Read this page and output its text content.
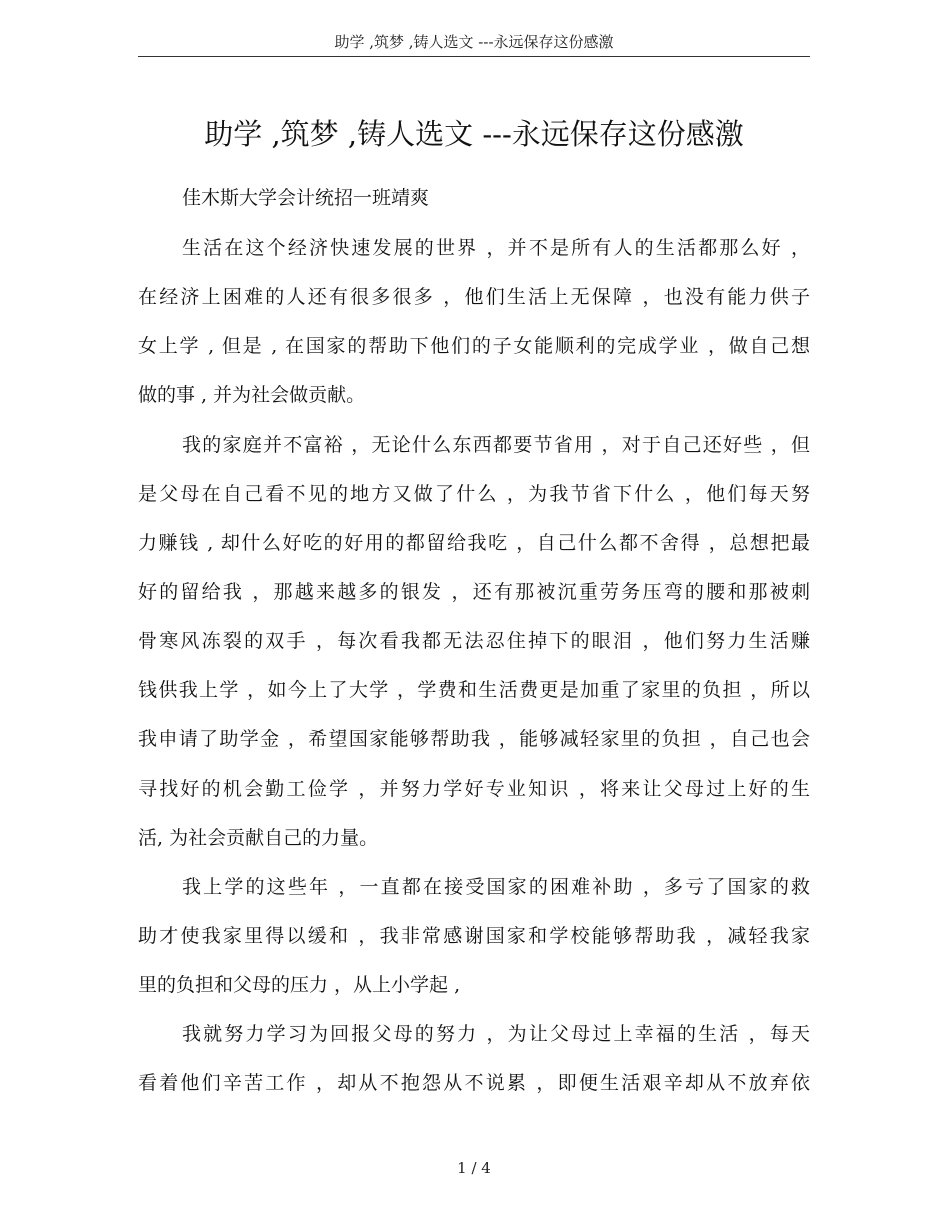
助学 ,筑梦 ,铸人选文 ---永远保存这份感激
助学 ,筑梦 ,铸人选文 ---永远保存这份感激
佳木斯大学会计统招一班靖爽
生活在这个经济快速发展的世界 ，并不是所有人的生活都那么好 ，
在经济上困难的人还有很多很多 ，他们生活上无保障 ，也没有能力供子
女上学 , 但是 , 在国家的帮助下他们的子女能顺利的完成学业 ，做自己想
做的事 , 并为社会做贡献。
我的家庭并不富裕 ，无论什么东西都要节省用 ，对于自己还好些 ，但
是父母在自己看不见的地方又做了什么 ，为我节省下什么 ，他们每天努
力赚钱 , 却什么好吃的好用的都留给我吃 ，自己什么都不舍得 ，总想把最
好的留给我 ，那越来越多的银发 ，还有那被沉重劳务压弯的腰和那被刺
骨寒风冻裂的双手 ，每次看我都无法忍住掉下的眼泪 ，他们努力生活赚
钱供我上学 ，如今上了大学 ，学费和生活费更是加重了家里的负担 ，所以
我申请了助学金 ，希望国家能够帮助我 ，能够减轻家里的负担 ，自己也会
寻找好的机会勤工俭学 ，并努力学好专业知识 ，将来让父母过上好的生
活, 为社会贡献自己的力量。
我上学的这些年 ，一直都在接受国家的困难补助 ，多亏了国家的救
助才使我家里得以缓和 ，我非常感谢国家和学校能够帮助我 ，减轻我家
里的负担和父母的压力 ，从上小学起 ,
我就努力学习为回报父母的努力 ，为让父母过上幸福的生活 ，每天
看着他们辛苦工作 ，却从不抱怨从不说累 ，即便生活艰辛却从不放弃依
1 / 4
